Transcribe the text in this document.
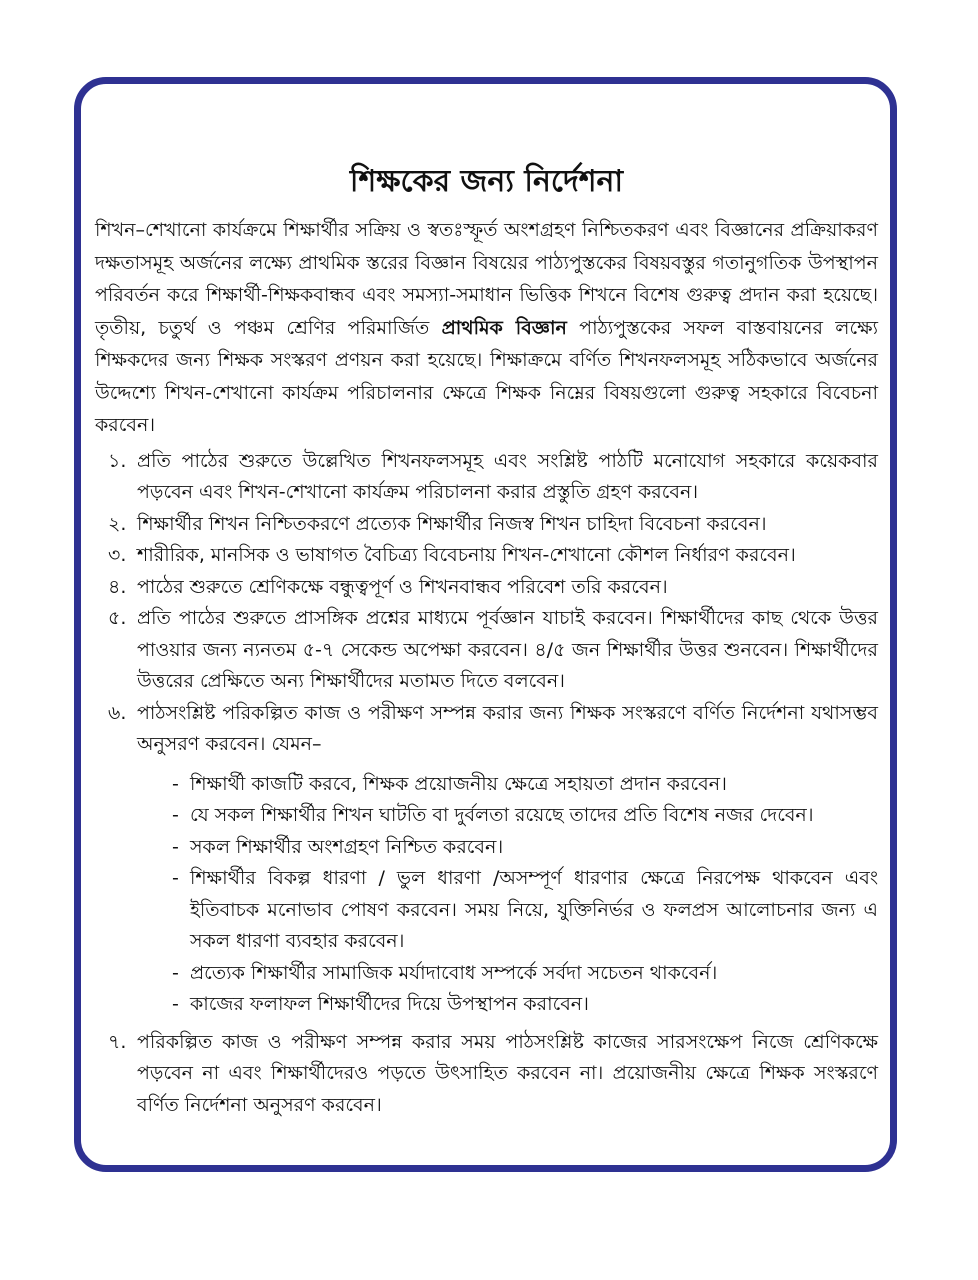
শিক্ষকের জন্য নির্দেশনা

শিখন–শেখানো কার্যক্রমে শিক্ষার্থীর সক্রিয় ও স্বতঃস্ফূর্ত অংশগ্রহণ নিশ্চিতকরণ এবং বিজ্ঞানের প্রক্রিয়াকরণ দক্ষতাসমূহ অর্জনের লক্ষ্যে প্রাথমিক স্তরের বিজ্ঞান বিষয়ের পাঠ্যপুস্তকের বিষয়বস্তুর গতানুগতিক উপস্থাপন পরিবর্তন করে শিক্ষার্থী-শিক্ষকবান্ধব এবং সমস্যা-সমাধান ভিত্তিক শিখনে বিশেষ গুরুত্ব প্রদান করা হয়েছে। তৃতীয়, চতুর্থ ও পঞ্চম শ্রেণির পরিমার্জিত প্রাথমিক বিজ্ঞান পাঠ্যপুস্তকের সফল বাস্তবায়নের লক্ষ্যে শিক্ষকদের জন্য শিক্ষক সংস্করণ প্রণয়ন করা হয়েছে। শিক্ষাক্রমে বর্ণিত শিখনফলসমূহ সঠিকভাবে অর্জনের উদ্দেশ্যে শিখন-শেখানো কার্যক্রম পরিচালনার ক্ষেত্রে শিক্ষক নিম্নের বিষয়গুলো গুরুত্ব সহকারে বিবেচনা করবেন।

১. প্রতি পাঠের শুরুতে উল্লেখিত শিখনফলসমূহ এবং সংশ্লিষ্ট পাঠটি মনোযোগ সহকারে কয়েকবার পড়বেন এবং শিখন-শেখানো কার্যক্রম পরিচালনা করার প্রস্তুতি গ্রহণ করবেন।
২. শিক্ষার্থীর শিখন নিশ্চিতকরণে প্রত্যেক শিক্ষার্থীর নিজস্ব শিখন চাহিদা বিবেচনা করবেন।
৩. শারীরিক, মানসিক ও ভাষাগত বৈচিত্র্য বিবেচনায় শিখন-শেখানো কৌশল নির্ধারণ করবেন।
৪. পাঠের শুরুতে শ্রেণিকক্ষে বন্ধুত্বপূর্ণ ও শিখনবান্ধব পরিবেশ তরি করবেন।
৫. প্রতি পাঠের শুরুতে প্রাসঙ্গিক প্রশ্নের মাধ্যমে পূর্বজ্ঞান যাচাই করবেন। শিক্ষার্থীদের কাছ থেকে উত্তর পাওয়ার জন্য ন্যনতম ৫-৭ সেকেন্ড অপেক্ষা করবেন। ৪/৫ জন শিক্ষার্থীর উত্তর শুনবেন। শিক্ষার্থীদের উত্তরের প্রেক্ষিতে অন্য শিক্ষার্থীদের মতামত দিতে বলবেন।
৬. পাঠসংশ্লিষ্ট পরিকল্পিত কাজ ও পরীক্ষণ সম্পন্ন করার জন্য শিক্ষক সংস্করণে বর্ণিত নির্দেশনা যথাসম্ভব অনুসরণ করবেন। যেমন–
- শিক্ষার্থী কাজটি করবে, শিক্ষক প্রয়োজনীয় ক্ষেত্রে সহায়তা প্রদান করবেন।
- যে সকল শিক্ষার্থীর শিখন ঘাটতি বা দুর্বলতা রয়েছে তাদের প্রতি বিশেষ নজর দেবেন।
- সকল শিক্ষার্থীর অংশগ্রহণ নিশ্চিত করবেন।
- শিক্ষার্থীর বিকল্প ধারণা / ভুল ধারণা /অসম্পূর্ণ ধারণার ক্ষেত্রে নিরপেক্ষ থাকবেন এবং ইতিবাচক মনোভাব পোষণ করবেন। সময় নিয়ে, যুক্তিনির্ভর ও ফলপ্রস আলোচনার জন্য এ সকল ধারণা ব্যবহার করবেন।
- প্রত্যেক শিক্ষার্থীর সামাজিক মর্যাদাবোধ সম্পর্কে সর্বদা সচেতন থাকবের্ন।
- কাজের ফলাফল শিক্ষার্থীদের দিয়ে উপস্থাপন করাবেন।
৭. পরিকল্পিত কাজ ও পরীক্ষণ সম্পন্ন করার সময় পাঠসংশ্লিষ্ট কাজের সারসংক্ষেপ নিজে শ্রেণিকক্ষে পড়বেন না এবং শিক্ষার্থীদেরও পড়তে উৎসাহিত করবেন না। প্রয়োজনীয় ক্ষেত্রে শিক্ষক সংস্করণে বর্ণিত নির্দেশনা অনুসরণ করবেন।
